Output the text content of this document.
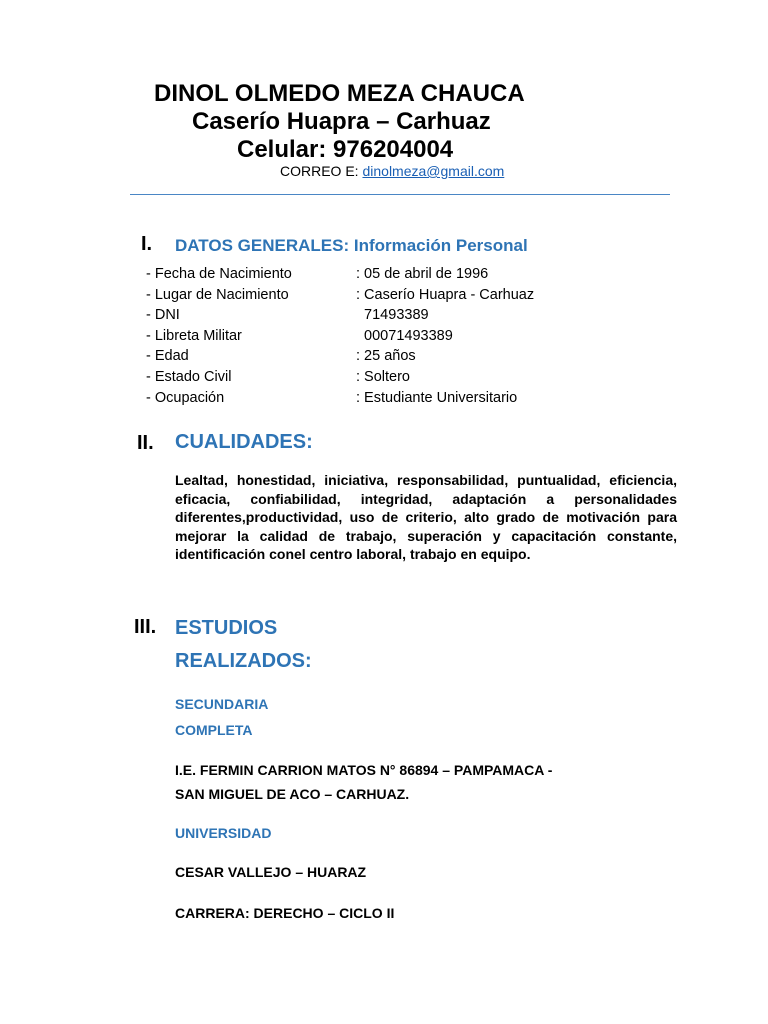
DINOL OLMEDO MEZA CHAUCA
Caserío Huapra – Carhuaz
Celular: 976204004
CORREO E: dinolmeza@gmail.com
I. DATOS GENERALES: Información Personal
- Fecha de Nacimiento	: 05 de abril de 1996
- Lugar de Nacimiento	: Caserío Huapra - Carhuaz
- DNI	71493389
- Libreta Militar	00071493389
- Edad	: 25 años
- Estado Civil	: Soltero
- Ocupación	: Estudiante Universitario
II. CUALIDADES:
Lealtad, honestidad, iniciativa, responsabilidad, puntualidad, eficiencia, eficacia, confiabilidad, integridad, adaptación a personalidades diferentes,productividad, uso de criterio, alto grado de motivación para mejorar la calidad de trabajo, superación y capacitación constante, identificación conel centro laboral, trabajo en equipo.
III. ESTUDIOS
REALIZADOS:
SECUNDARIA
COMPLETA
I.E. FERMIN CARRION MATOS N° 86894 – PAMPAMACA -
SAN MIGUEL DE ACO – CARHUAZ.
UNIVERSIDAD
CESAR VALLEJO – HUARAZ
CARRERA: DERECHO – CICLO II
